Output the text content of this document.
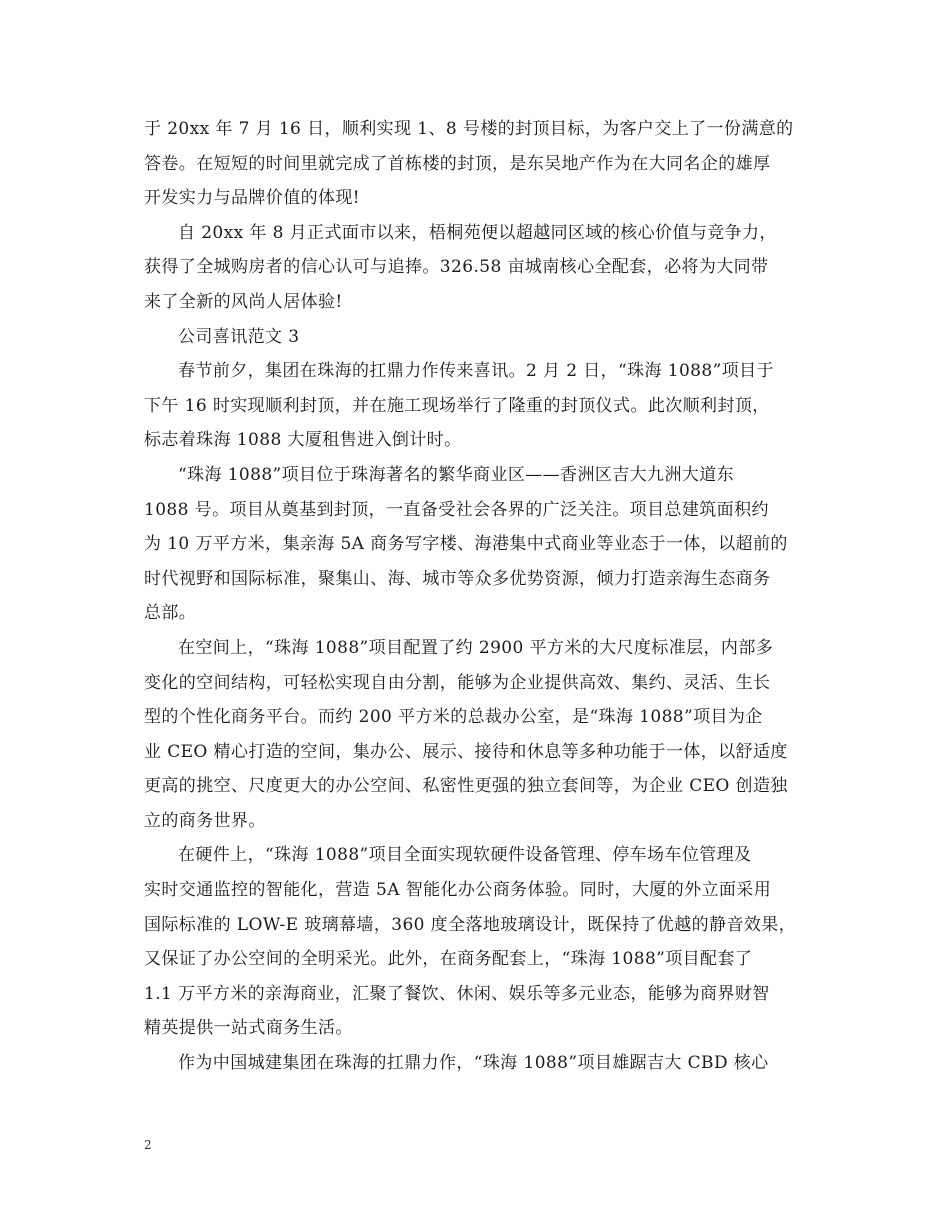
于 20xx 年 7 月 16 日，顺利实现 1、8 号楼的封顶目标，为客户交上了一份满意的
答卷。在短短的时间里就完成了首栋楼的封顶，是东吴地产作为在大同名企的雄厚
开发实力与品牌价值的体现!

自 20xx 年 8 月正式面市以来，梧桐苑便以超越同区域的核心价值与竞争力，
获得了全城购房者的信心认可与追捧。326.58 亩城南核心全配套，必将为大同带
来了全新的风尚人居体验!

公司喜讯范文 3

春节前夕，集团在珠海的扛鼎力作传来喜讯。2 月 2 日，“珠海 1088”项目于
下午 16 时实现顺利封顶，并在施工现场举行了隆重的封顶仪式。此次顺利封顶，
标志着珠海 1088 大厦租售进入倒计时。

“珠海 1088”项目位于珠海著名的繁华商业区——香洲区吉大九洲大道东
1088 号。项目从奠基到封顶，一直备受社会各界的广泛关注。项目总建筑面积约
为 10 万平方米，集亲海 5A 商务写字楼、海港集中式商业等业态于一体，以超前的
时代视野和国际标准，聚集山、海、城市等众多优势资源，倾力打造亲海生态商务
总部。

在空间上，“珠海 1088”项目配置了约 2900 平方米的大尺度标准层，内部多
变化的空间结构，可轻松实现自由分割，能够为企业提供高效、集约、灵活、生长
型的个性化商务平台。而约 200 平方米的总裁办公室，是“珠海 1088”项目为企
业 CEO 精心打造的空间，集办公、展示、接待和休息等多种功能于一体，以舒适度
更高的挑空、尺度更大的办公空间、私密性更强的独立套间等，为企业 CEO 创造独
立的商务世界。

在硬件上，“珠海 1088”项目全面实现软硬件设备管理、停车场车位管理及
实时交通监控的智能化，营造 5A 智能化办公商务体验。同时，大厦的外立面采用
国际标准的 LOW-E 玻璃幕墙，360 度全落地玻璃设计，既保持了优越的静音效果，
又保证了办公空间的全明采光。此外，在商务配套上，“珠海 1088”项目配套了
1.1 万平方米的亲海商业，汇聚了餐饮、休闲、娱乐等多元业态，能够为商界财智
精英提供一站式商务生活。

作为中国城建集团在珠海的扛鼎力作，“珠海 1088”项目雄踞吉大 CBD 核心

2
